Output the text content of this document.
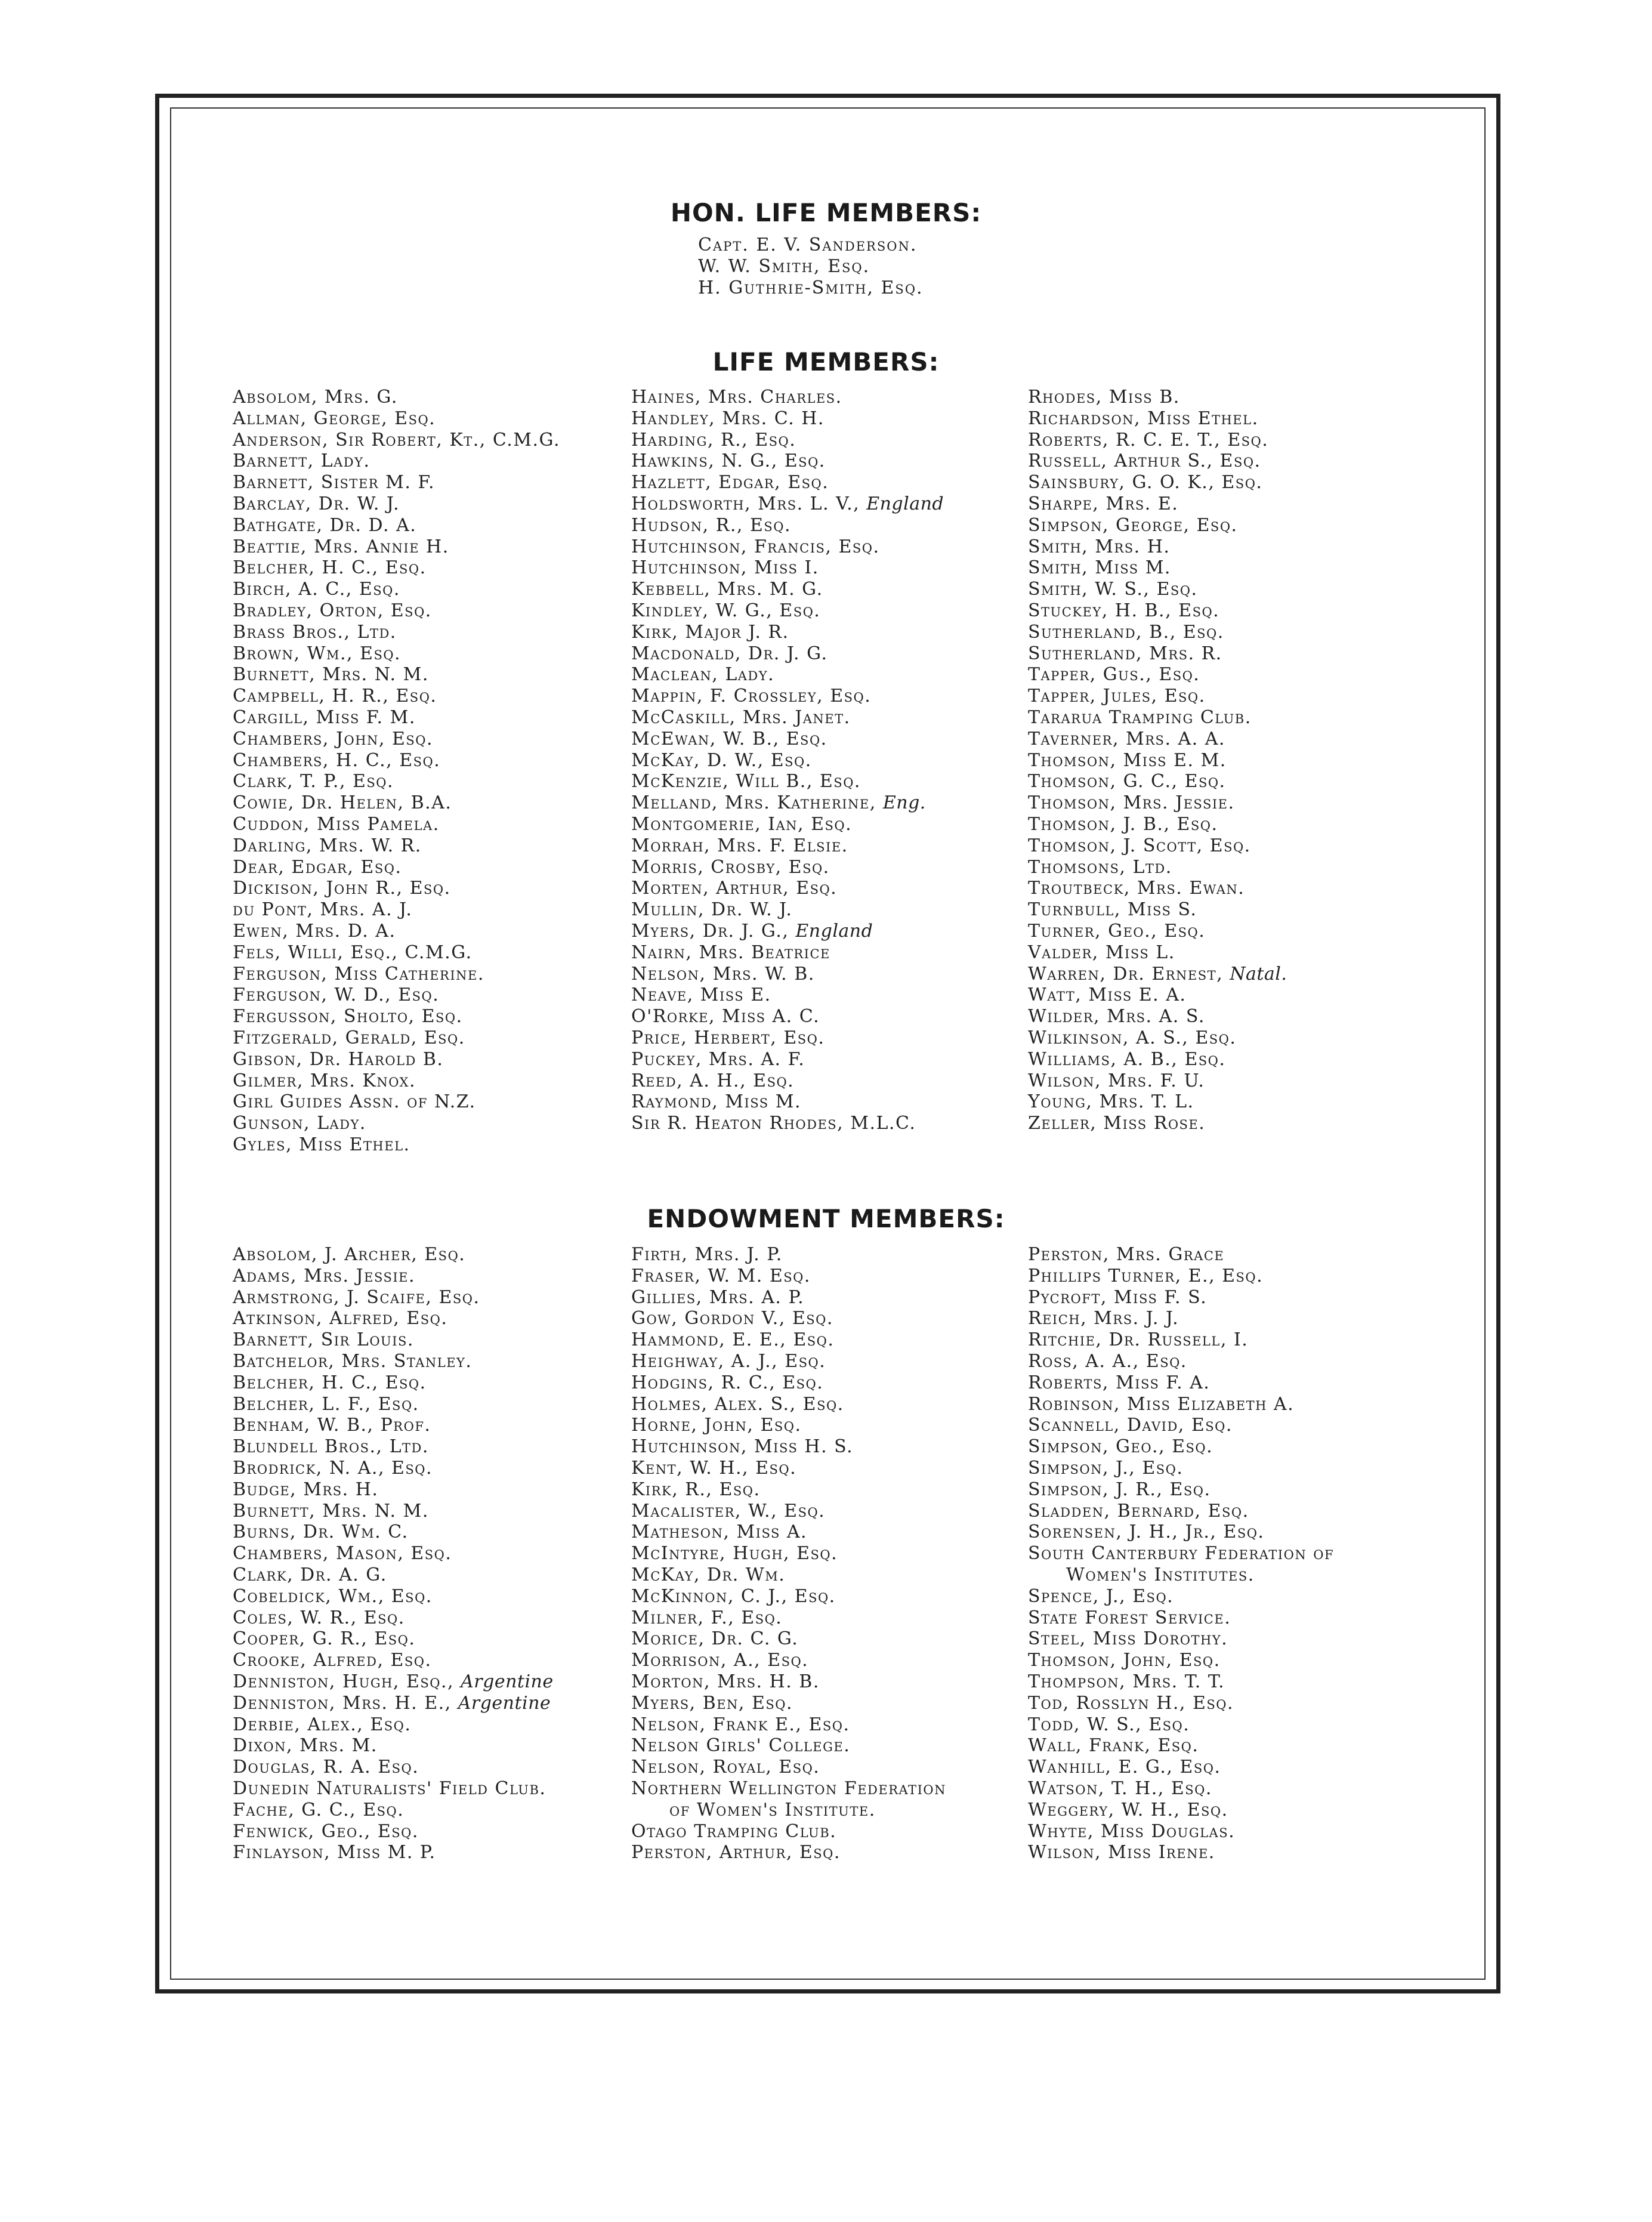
HON. LIFE MEMBERS:
Capt. E. V. Sanderson.
W. W. Smith, Esq.
H. Guthrie-Smith, Esq.
LIFE MEMBERS:
Absolom, Mrs. G.
Allman, George, Esq.
Anderson, Sir Robert, Kt., C.M.G.
Barnett, Lady.
Barnett, Sister M. F.
Barclay, Dr. W. J.
Bathgate, Dr. D. A.
Beattie, Mrs. Annie H.
Belcher, H. C., Esq.
Birch, A. C., Esq.
Bradley, Orton, Esq.
Brass Bros., Ltd.
Brown, Wm., Esq.
Burnett, Mrs. N. M.
Campbell, H. R., Esq.
Cargill, Miss F. M.
Chambers, John, Esq.
Chambers, H. C., Esq.
Clark, T. P., Esq.
Cowie, Dr. Helen, B.A.
Cuddon, Miss Pamela.
Darling, Mrs. W. R.
Dear, Edgar, Esq.
Dickison, John R., Esq.
du Pont, Mrs. A. J.
Ewen, Mrs. D. A.
Fels, Willi, Esq., C.M.G.
Ferguson, Miss Catherine.
Ferguson, W. D., Esq.
Fergusson, Sholto, Esq.
Fitzgerald, Gerald, Esq.
Gibson, Dr. Harold B.
Gilmer, Mrs. Knox.
Girl Guides Assn. of N.Z.
Gunson, Lady.
Gyles, Miss Ethel.
Haines, Mrs. Charles.
Handley, Mrs. C. H.
Harding, R., Esq.
Hawkins, N. G., Esq.
Hazlett, Edgar, Esq.
Holdsworth, Mrs. L. V., England
Hudson, R., Esq.
Hutchinson, Francis, Esq.
Hutchinson, Miss I.
Kebbell, Mrs. M. G.
Kindley, W. G., Esq.
Kirk, Major J. R.
Macdonald, Dr. J. G.
Maclean, Lady.
Mappin, F. Crossley, Esq.
McCaskill, Mrs. Janet.
McEwan, W. B., Esq.
McKay, D. W., Esq.
McKenzie, Will B., Esq.
Melland, Mrs. Katherine, Eng.
Montgomerie, Ian, Esq.
Morrah, Mrs. F. Elsie.
Morris, Crosby, Esq.
Morten, Arthur, Esq.
Mullin, Dr. W. J.
Myers, Dr. J. G., England
Nairn, Mrs. Beatrice
Nelson, Mrs. W. B.
Neave, Miss E.
O'Rorke, Miss A. C.
Price, Herbert, Esq.
Puckey, Mrs. A. F.
Reed, A. H., Esq.
Raymond, Miss M.
Sir R. Heaton Rhodes, M.L.C.
Rhodes, Miss B.
Richardson, Miss Ethel.
Roberts, R. C. E. T., Esq.
Russell, Arthur S., Esq.
Sainsbury, G. O. K., Esq.
Sharpe, Mrs. E.
Simpson, George, Esq.
Smith, Mrs. H.
Smith, Miss M.
Smith, W. S., Esq.
Stuckey, H. B., Esq.
Sutherland, B., Esq.
Sutherland, Mrs. R.
Tapper, Gus., Esq.
Tapper, Jules, Esq.
Tararua Tramping Club.
Taverner, Mrs. A. A.
Thomson, Miss E. M.
Thomson, G. C., Esq.
Thomson, Mrs. Jessie.
Thomson, J. B., Esq.
Thomson, J. Scott, Esq.
Thomsons, Ltd.
Troutbeck, Mrs. Ewan.
Turnbull, Miss S.
Turner, Geo., Esq.
Valder, Miss L.
Warren, Dr. Ernest, Natal.
Watt, Miss E. A.
Wilder, Mrs. A. S.
Wilkinson, A. S., Esq.
Williams, A. B., Esq.
Wilson, Mrs. F. U.
Young, Mrs. T. L.
Zeller, Miss Rose.
ENDOWMENT MEMBERS:
Absolom, J. Archer, Esq.
Adams, Mrs. Jessie.
Armstrong, J. Scaife, Esq.
Atkinson, Alfred, Esq.
Barnett, Sir Louis.
Batchelor, Mrs. Stanley.
Belcher, H. C., Esq.
Belcher, L. F., Esq.
Benham, W. B., Prof.
Blundell Bros., Ltd.
Brodrick, N. A., Esq.
Budge, Mrs. H.
Burnett, Mrs. N. M.
Burns, Dr. Wm. C.
Chambers, Mason, Esq.
Clark, Dr. A. G.
Cobeldick, Wm., Esq.
Coles, W. R., Esq.
Cooper, G. R., Esq.
Crooke, Alfred, Esq.
Denniston, Hugh, Esq., Argentine
Denniston, Mrs. H. E., Argentine
Derbie, Alex., Esq.
Dixon, Mrs. M.
Douglas, R. A. Esq.
Dunedin Naturalists' Field Club.
Fache, G. C., Esq.
Fenwick, Geo., Esq.
Finlayson, Miss M. P.
Firth, Mrs. J. P.
Fraser, W. M. Esq.
Gillies, Mrs. A. P.
Gow, Gordon V., Esq.
Hammond, E. E., Esq.
Heighway, A. J., Esq.
Hodgins, R. C., Esq.
Holmes, Alex. S., Esq.
Horne, John, Esq.
Hutchinson, Miss H. S.
Kent, W. H., Esq.
Kirk, R., Esq.
Macalister, W., Esq.
Matheson, Miss A.
McIntyre, Hugh, Esq.
McKay, Dr. Wm.
McKinnon, C. J., Esq.
Milner, F., Esq.
Morice, Dr. C. G.
Morrison, A., Esq.
Morton, Mrs. H. B.
Myers, Ben, Esq.
Nelson, Frank E., Esq.
Nelson Girls' College.
Nelson, Royal, Esq.
Northern Wellington Federation
of Women's Institute.
Otago Tramping Club.
Perston, Arthur, Esq.
Perston, Mrs. Grace
Phillips Turner, E., Esq.
Pycroft, Miss F. S.
Reich, Mrs. J. J.
Ritchie, Dr. Russell, I.
Ross, A. A., Esq.
Roberts, Miss F. A.
Robinson, Miss Elizabeth A.
Scannell, David, Esq.
Simpson, Geo., Esq.
Simpson, J., Esq.
Simpson, J. R., Esq.
Sladden, Bernard, Esq.
Sorensen, J. H., Jr., Esq.
South Canterbury Federation of
Women's Institutes.
Spence, J., Esq.
State Forest Service.
Steel, Miss Dorothy.
Thomson, John, Esq.
Thompson, Mrs. T. T.
Tod, Rosslyn H., Esq.
Todd, W. S., Esq.
Wall, Frank, Esq.
Wanhill, E. G., Esq.
Watson, T. H., Esq.
Weggery, W. H., Esq.
Whyte, Miss Douglas.
Wilson, Miss Irene.
